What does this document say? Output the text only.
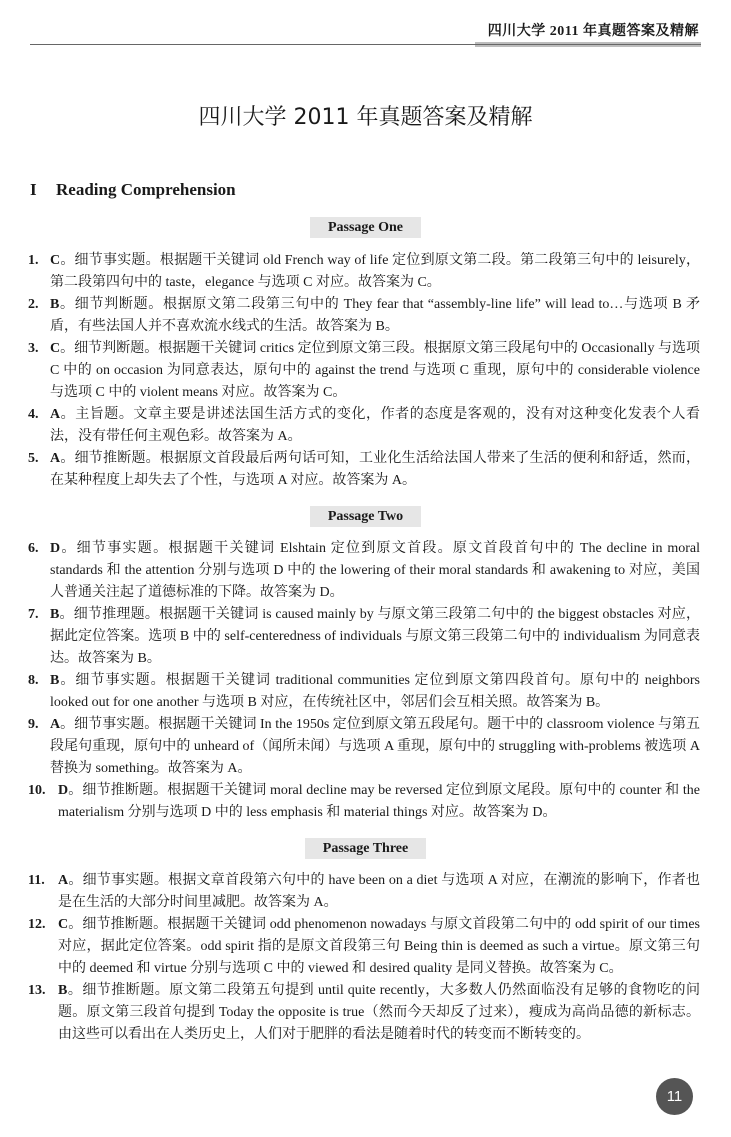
四川大学 2011 年真题答案及精解
四川大学 2011 年真题答案及精解
I Reading Comprehension
Passage One
1. C。细节事实题。根据题干关键词 old French way of life 定位到原文第二段。第二段第三句中的 leisurely，第二段第四句中的 taste，elegance 与选项 C 对应。故答案为 C。
2. B。细节判断题。根据原文第二段第三句中的 They fear that “assembly-line life” will lead to…与选项 B 矛盾，有些法国人并不喜欢流水线式的生活。故答案为 B。
3. C。细节判断题。根据题干关键词 critics 定位到原文第三段。根据原文第三段尾句中的 Occasionally 与选项 C 中的 on occasion 为同意表达，原句中的 against the trend 与选项 C 重现，原句中的 considerable violence 与选项 C 中的 violent means 对应。故答案为 C。
4. A。主旨题。文章主要是讲述法国生活方式的变化，作者的态度是客观的，没有对这种变化发表个人看法，没有带任何主观色彩。故答案为 A。
5. A。细节推断题。根据原文首段最后两句话可知，工业化生活给法国人带来了生活的便利和舒适，然而，在某种程度上却失去了个性，与选项 A 对应。故答案为 A。
Passage Two
6. D。细节事实题。根据题干关键词 Elshtain 定位到原文首段。原文首段首句中的 The decline in moral standards 和 the attention 分别与选项 D 中的 the lowering of their moral standards 和 awakening to 对应，美国人普通关注起了道德标准的下降。故答案为 D。
7. B。细节推理题。根据题干关键词 is caused mainly by 与原文第三段第二句中的 the biggest obstacles 对应，据此定位答案。选项 B 中的 self-centeredness of individuals 与原文第三段第二句中的 individualism 为同意表达。故答案为 B。
8. B。细节事实题。根据题干关键词 traditional communities 定位到原文第四段首句。原句中的 neighbors looked out for one another 与选项 B 对应，在传统社区中，邻居们会互相关照。故答案为 B。
9. A。细节事实题。根据题干关键词 In the 1950s 定位到原文第五段尾句。题干中的 classroom violence 与第五段尾句重现，原句中的 unheard of（闻所未闻）与选项 A 重现，原句中的 struggling with-problems 被选项 A 替换为 something。故答案为 A。
10. D。细节推断题。根据题干关键词 moral decline may be reversed 定位到原文尾段。原句中的 counter 和 the materialism 分别与选项 D 中的 less emphasis 和 material things 对应。故答案为 D。
Passage Three
11. A。细节事实题。根据文章首段第六句中的 have been on a diet 与选项 A 对应，在潮流的影响下，作者也是在生活的大部分时间里减肥。故答案为 A。
12. C。细节推断题。根据题干关键词 odd phenomenon nowadays 与原文首段第二句中的 odd spirit of our times 对应，据此定位答案。odd spirit 指的是原文首段第三句 Being thin is deemed as such a virtue。原文第三句中的 deemed 和 virtue 分别与选项 C 中的 viewed 和 desired quality 是同义替换。故答案为 C。
13. B。细节推断题。原文第二段第五句提到 until quite recently，大多数人仍然面临没有足够的食物吃的问题。原文第三段首句提到 Today the opposite is true（然而今天却反了过来），瘦成为高尚品德的新标志。由这些可以看出在人类历史上，人们对于肥胖的看法是随着时代的转变而不断转变的。
11
